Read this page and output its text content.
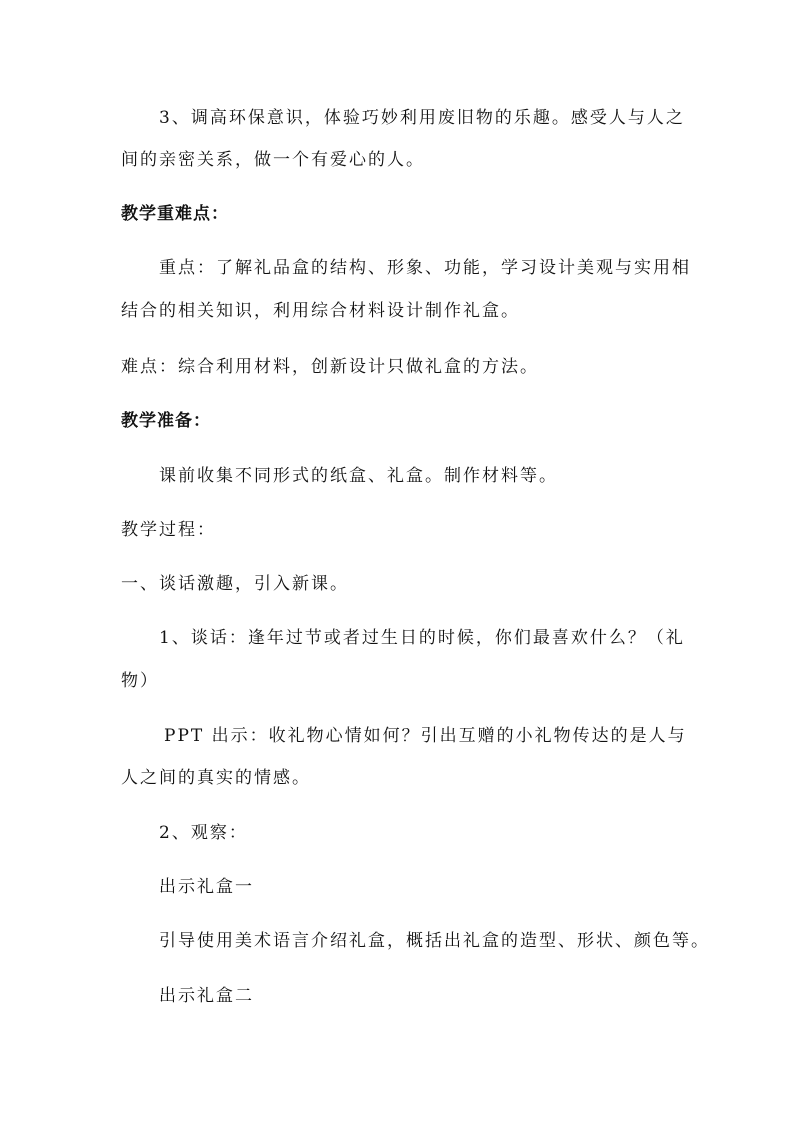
3、调高环保意识，体验巧妙利用废旧物的乐趣。感受人与人之
间的亲密关系，做一个有爱心的人。
教学重难点：
重点：了解礼品盒的结构、形象、功能，学习设计美观与实用相
结合的相关知识，利用综合材料设计制作礼盒。
难点：综合利用材料，创新设计只做礼盒的方法。
教学准备：
课前收集不同形式的纸盒、礼盒。制作材料等。
教学过程：
一、谈话激趣，引入新课。
1、谈话：逢年过节或者过生日的时候，你们最喜欢什么？（礼
物）
PPT 出示：收礼物心情如何？引出互赠的小礼物传达的是人与
人之间的真实的情感。
2、观察：
出示礼盒一
引导使用美术语言介绍礼盒，概括出礼盒的造型、形状、颜色等。
出示礼盒二
